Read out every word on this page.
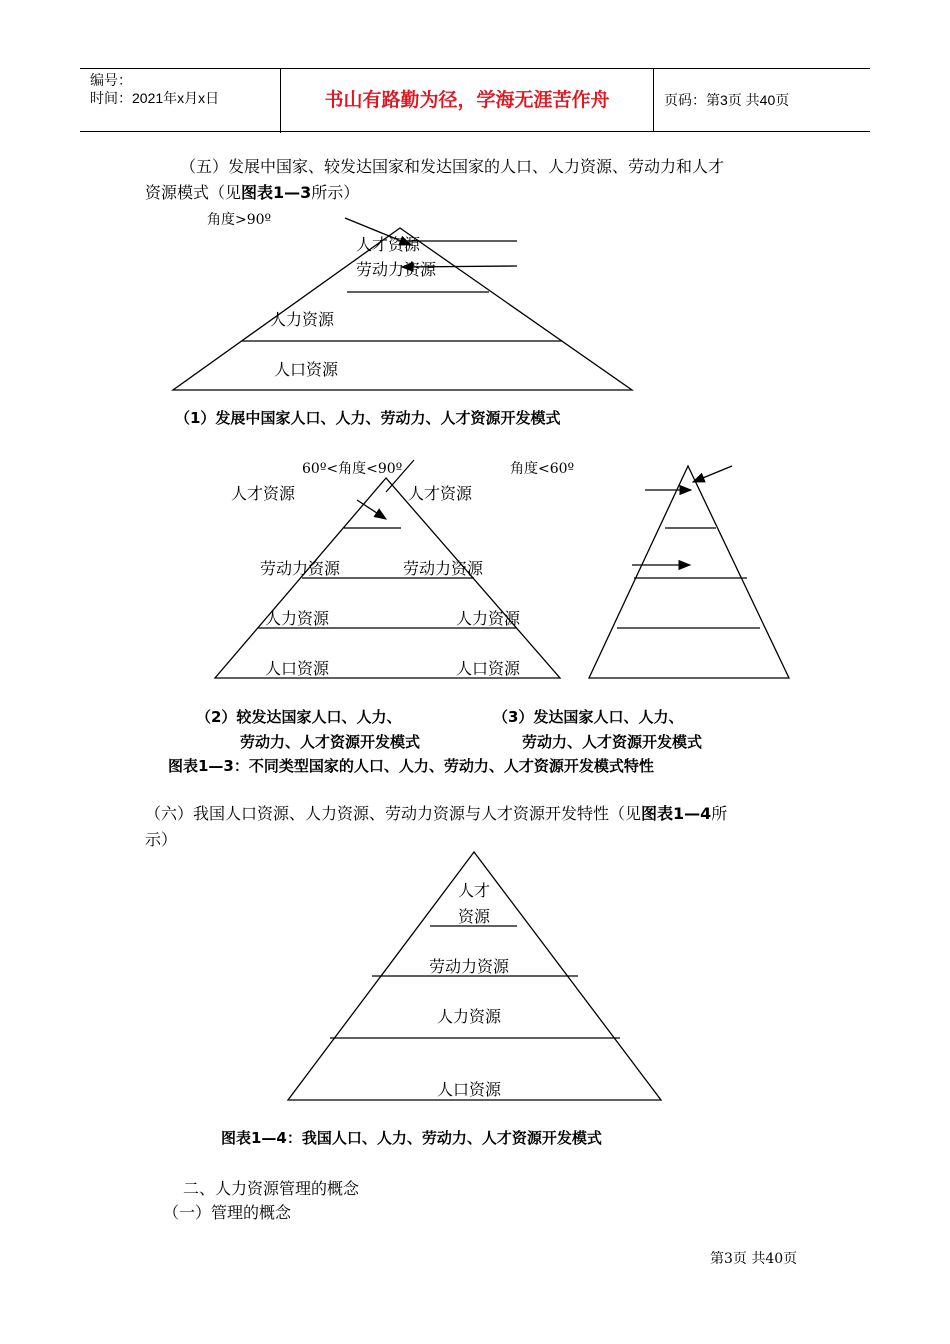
编号：
时间：2021年x月x日	书山有路勤为径，学海无涯苦作舟	页码：第3页 共40页
（五）发展中国家、较发达国家和发达国家的人口、人力资源、劳动力和人才
资源模式（见图表1—3所示）
角度>90º
人才资源
劳动力资源
人力资源
人口资源
（1）发展中国家人口、人力、劳动力、人才资源开发模式
60º<角度<90º
人才资源	人才资源
劳动力资源	劳动力资源
人力资源	人力资源
人口资源	人口资源
（2）较发达国家人口、人力、
劳动力、人才资源开发模式
角度<60º
（3）发达国家人口、人力、
劳动力、人才资源开发模式
图表1—3：不同类型国家的人口、人力、劳动力、人才资源开发模式特性
（六）我国人口资源、人力资源、劳动力资源与人才资源开发特性（见图表1—4所
示）
人才
资源
劳动力资源
人力资源
人口资源
图表1—4：我国人口、人力、劳动力、人才资源开发模式
二、人力资源管理的概念
（一）管理的概念
第3页 共40页
